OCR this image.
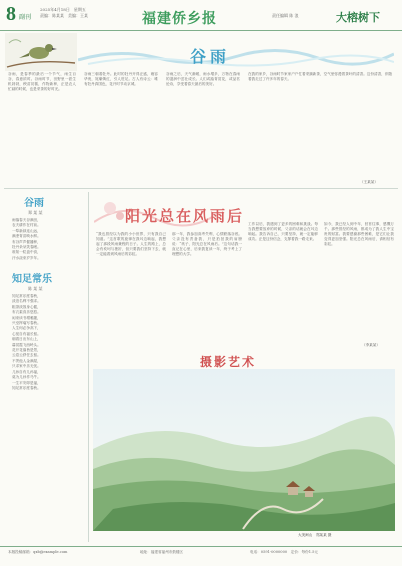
8 副刊
2025年4月18日　星期五
责编：陈某某　美编：王某	福建侨乡报	责任编辑 陈 浪	大榕树下
谷雨
谷雨，是春季的最后一个节气，雨生百谷，春意浓时。谷雨时节，田野里一派生机勃勃，秧苗初插，作物新种，正是农人忙碌的时候，也是采茶的好时光。
谷雨三朝看牡丹。此时的牡丹开得正盛，雍容华贵，姹紫嫣红，引人驻足。古人有诗云：唯有牡丹真国色，花开时节动京城。
谷雨之后，天气渐暖，雨水增多，万物在春雨的滋润中茁壮成长。人们或踏青赏花，或品茗论诗，享受着春天最后的美好。
在我的家乡，谷雨时节家家户户忙着采摘新茶，空气里弥漫着茶叶的清香。这份清香，伴随着我走过了许多年的春天。
（王某某）
谷雨
郑 某 某
雨落春天谷满田，
农夫耕作在村前。
一犁新绿连山远，
满垄青苗映水鲜。
布谷声声催播种，
牡丹朵朵笑春眠。
谁知一粒盘中食，
汗水浇来岁岁年。
知足常乐
陈 某 某
知足常乐度春秋，
淡泊名利不强求。
粗茶淡饭身心健，
布衣素食乐悠悠。
闲来读书增雅趣，
兴至挥毫写春秋。
人生何必争高下，
心宽自有福长留。
朝看日出东山上，
暮赏霞飞西岭头。
花开花落皆是景，
云卷云舒任去留。
不羡他人金满屋，
只求家中乐无忧。
儿孙自有儿孙福，
莫为儿孙作马牛。
一生平安即是福，
知足常乐度春秋。
阳光总在风雨后
“我也曾经以为我的小小世界，只有我自己知道。”这首歌的旋律在我耳边响起，我想起了那段风雨兼程的日子。人生的路上，总会有坎坷与挫折，但只要我们坚持下去，就一定能看到风雨后的彩虹。
那一年，我参加高考失利，心情跌落谷底。父亲没有责备我，只是拍拍我的肩膀说：“孩子，阳光总在风雨后。”这句话我一直记在心里，后来我复读一年，终于考上了理想的大学。
工作以后，我遇到了更多的困难和挑战。每当我想要放弃的时候，父亲的话就会在耳边响起。我告诉自己，只要坚持，就一定能够成功。正是这份信念，支撑着我一路走来。
如今，我已经人到中年，回首往事，感慨万千。那些曾经的风雨，都成为了我人生中宝贵的财富。我要感谢那些困难，是它们让我变得更加坚强。阳光总在风雨后，请相信有彩虹。
（李某某）
摄影艺术
大美闽山　郑某某 摄
本版投稿邮箱：qxb@example.com	地址：福建省福州市鼓楼区	电话：0591-0000000　定价：每份1.5元
